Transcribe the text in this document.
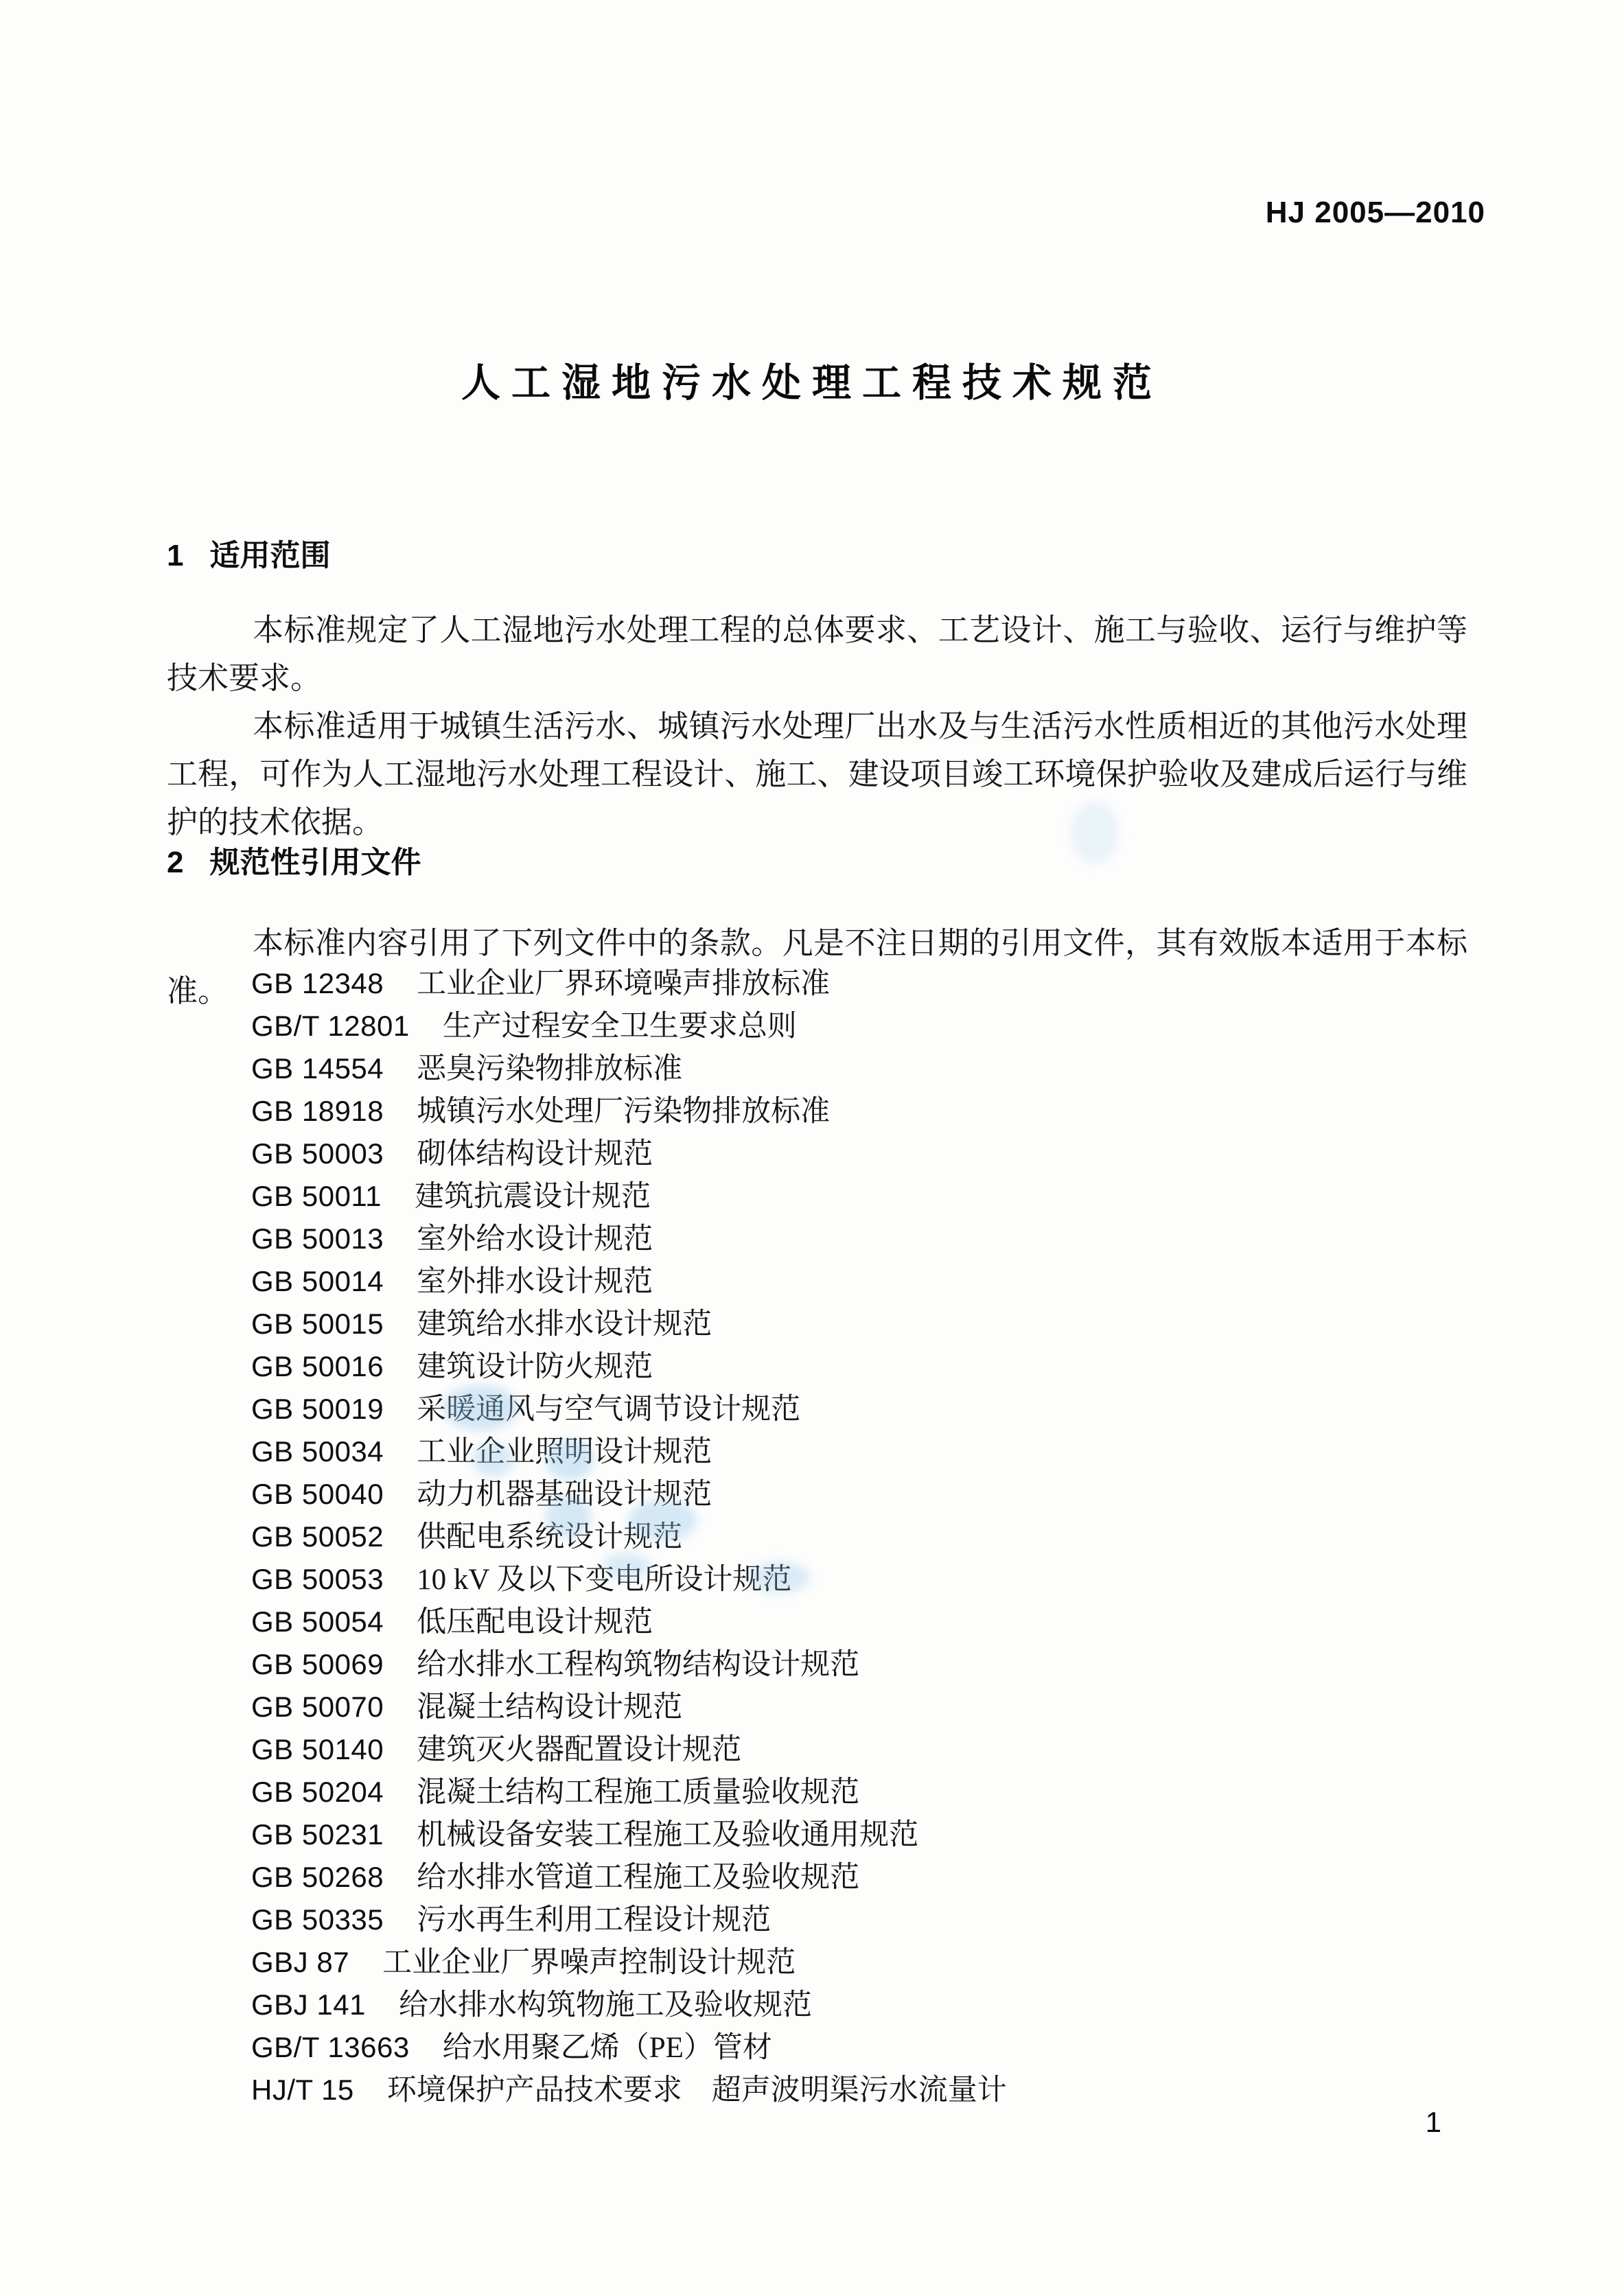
HJ 2005—2010
人工湿地污水处理工程技术规范
1 适用范围

本标准规定了人工湿地污水处理工程的总体要求、工艺设计、施工与验收、运行与维护等技术要求。

本标准适用于城镇生活污水、城镇污水处理厂出水及与生活污水性质相近的其他污水处理工程，可作为人工湿地污水处理工程设计、施工、建设项目竣工环境保护验收及建成后运行与维护的技术依据。

2 规范性引用文件

本标准内容引用了下列文件中的条款。凡是不注日期的引用文件，其有效版本适用于本标准。 GB 12348 工业企业厂界环境噪声排放标准
GB/T 12801 生产过程安全卫生要求总则
GB 14554 恶臭污染物排放标准
GB 18918 城镇污水处理厂污染物排放标准
GB 50003 砌体结构设计规范
GB 50011 建筑抗震设计规范
GB 50013 室外给水设计规范
GB 50014 室外排水设计规范
GB 50015 建筑给水排水设计规范
GB 50016 建筑设计防火规范
GB 50019 采暖通风与空气调节设计规范
GB 50034 工业企业照明设计规范
GB 50040 动力机器基础设计规范
GB 50052 供配电系统设计规范
GB 50053 10 kV 及以下变电所设计规范
GB 50054 低压配电设计规范
GB 50069 给水排水工程构筑物结构设计规范
GB 50070 混凝土结构设计规范
GB 50140 建筑灭火器配置设计规范
GB 50204 混凝土结构工程施工质量验收规范
GB 50231 机械设备安装工程施工及验收通用规范
GB 50268 给水排水管道工程施工及验收规范
GB 50335 污水再生利用工程设计规范
GBJ 87 工业企业厂界噪声控制设计规范
GBJ 141 给水排水构筑物施工及验收规范
GB/T 13663 给水用聚乙烯（PE）管材
HJ/T 15 环境保护产品技术要求　超声波明渠污水流量计
1
